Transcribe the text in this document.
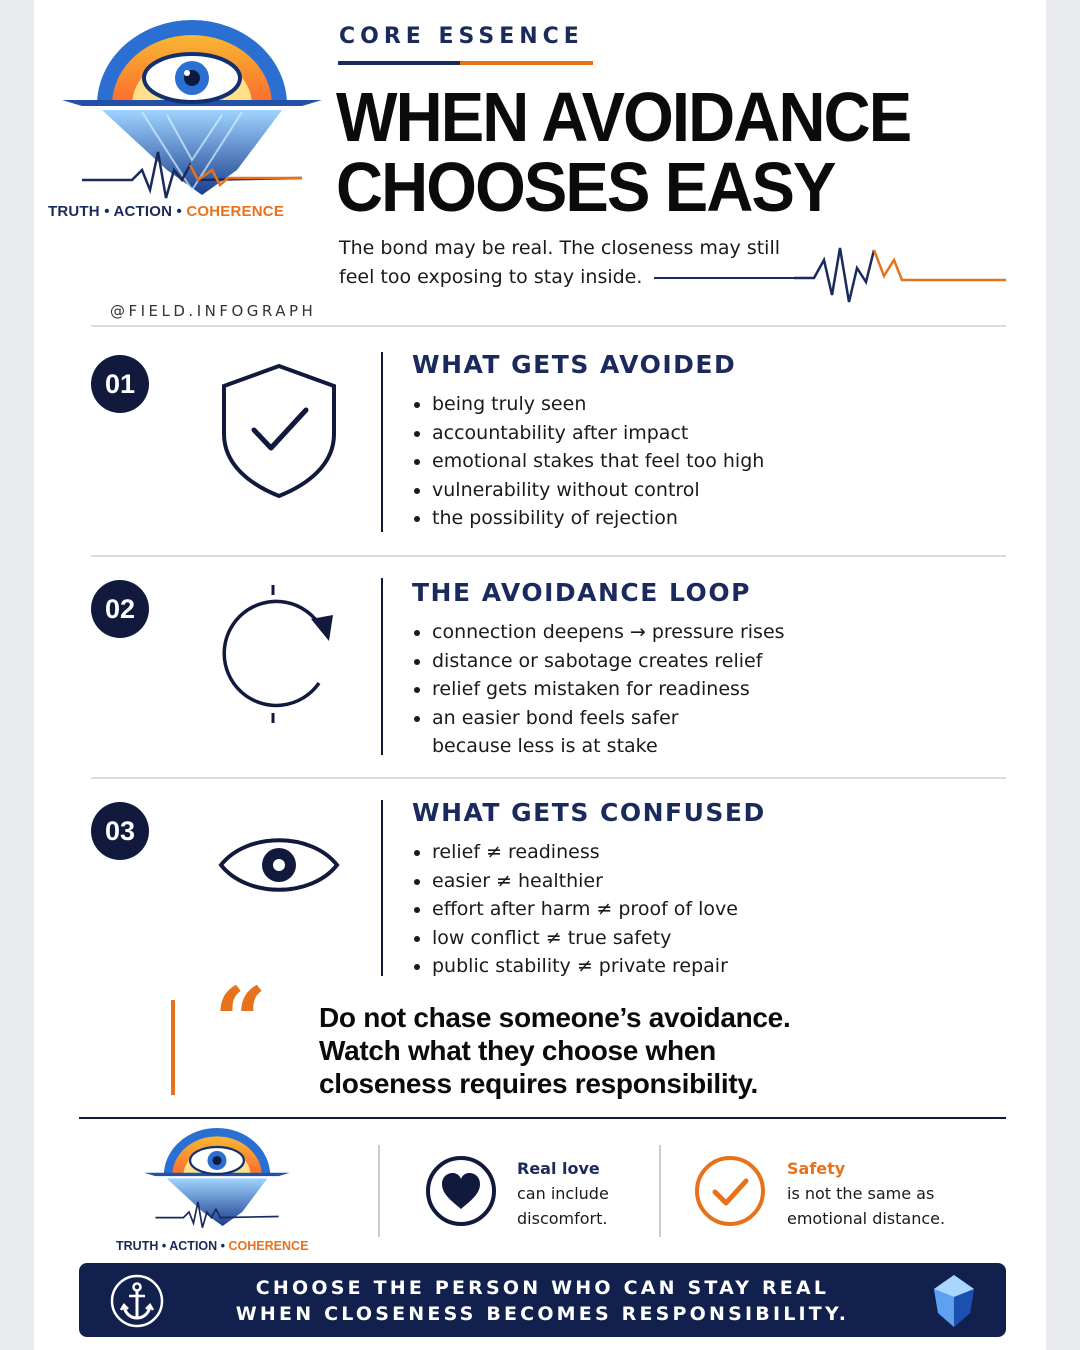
TRUTH • ACTION • COHERENCE
CORE ESSENCE
WHEN AVOIDANCE
CHOOSES EASY
The bond may be real. The closeness may still
feel too exposing to stay inside.
@FIELD.INFOGRAPH
01
WHAT GETS AVOIDED
being truly seen
accountability after impact
emotional stakes that feel too high
vulnerability without control
the possibility of rejection
02
THE AVOIDANCE LOOP
connection deepens → pressure rises
distance or sabotage creates relief
relief gets mistaken for readiness
an easier bond feels safer
because less is at stake
03
WHAT GETS CONFUSED
relief ≠ readiness
easier ≠ healthier
effort after harm ≠ proof of love
low conflict ≠ true safety
public stability ≠ private repair
“ Do not chase someone’s avoidance.
Watch what they choose when
closeness requires responsibility.
TRUTH • ACTION • COHERENCE
Real love
can include
discomfort.
Safety
is not the same as
emotional distance.
CHOOSE THE PERSON WHO CAN STAY REAL
WHEN CLOSENESS BECOMES RESPONSIBILITY.
